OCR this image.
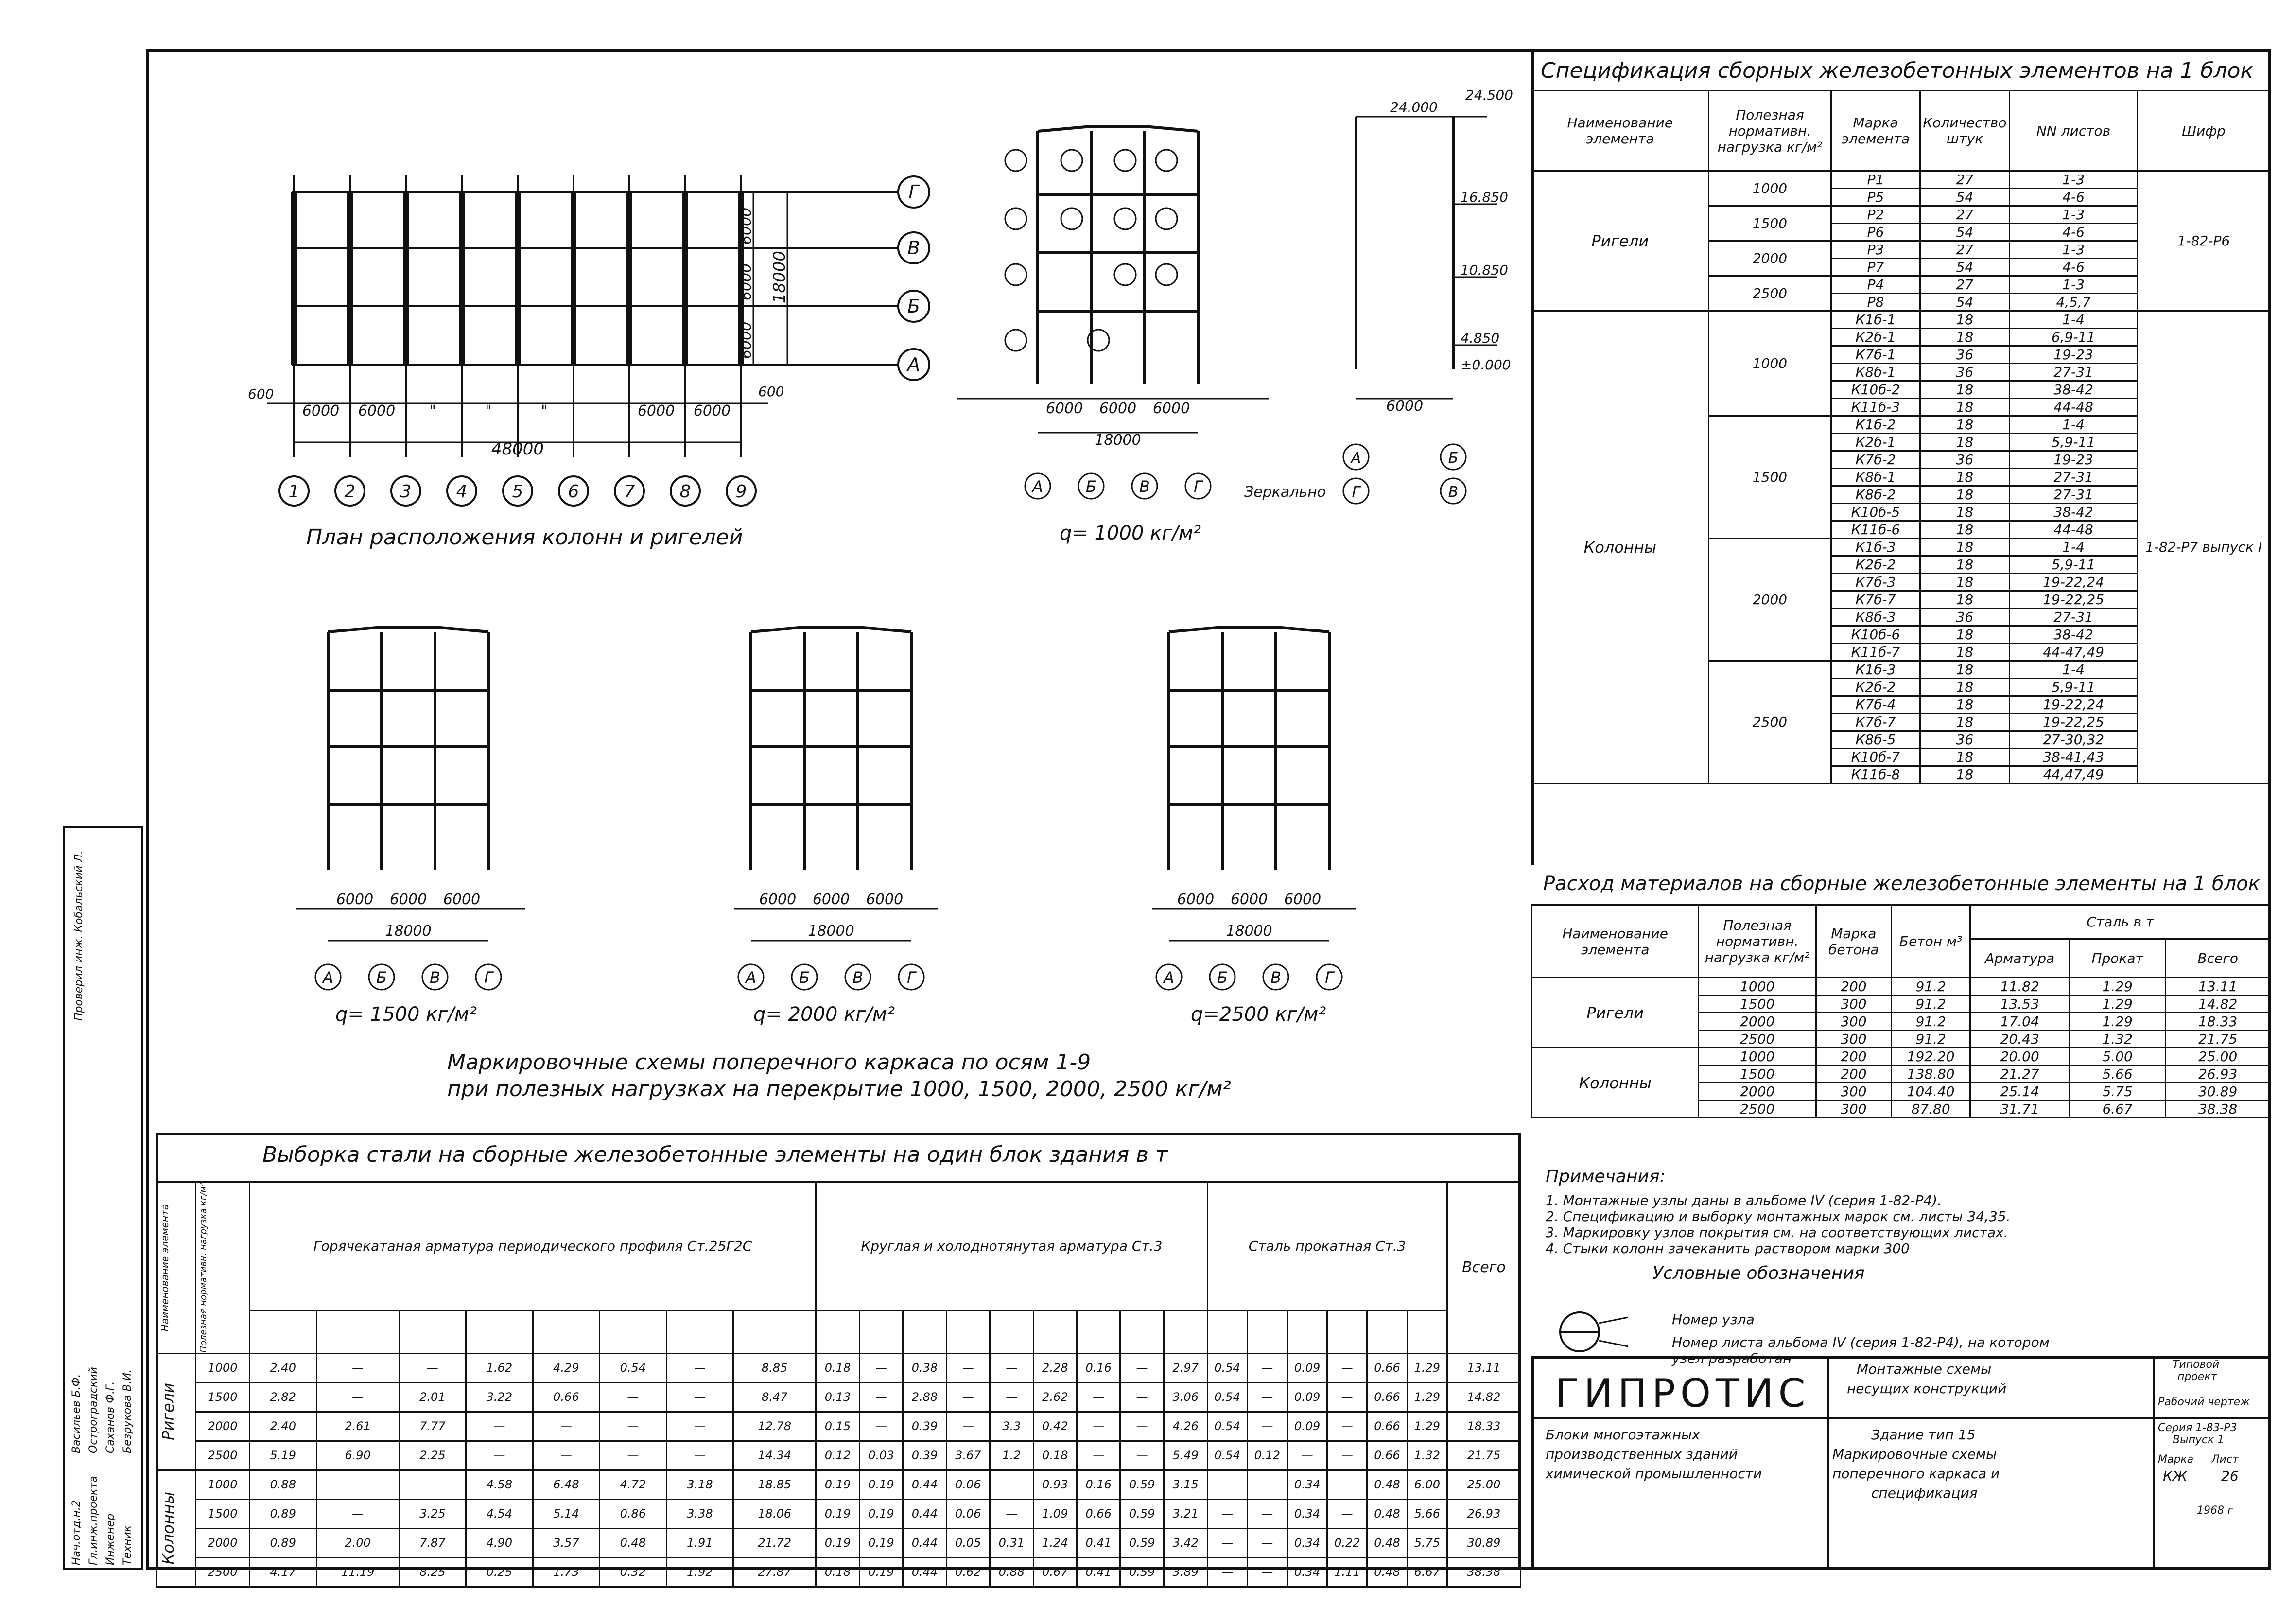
Г
В
Б
А
6000
6000
6000
18000
600
6000 6000 "	"	"	6000 6000
600
48000
1	2	3	4	5	6	7	8	9
План расположения колонн и ригелей
6000 6000 6000
18000
А	Б	В	Г
q= 1000 кг/м²
24.000
24.500
16.850
10.850
4.850
6000
±0.000
А	Б
Г	В
Зеркально
6000 6000 6000
18000
А	Б	В	Г
q= 1500 кг/м²
6000 6000 6000
18000
А	Б	В	Г
q= 2000 кг/м²
6000 6000 6000
18000
А	Б	В	Г
q=2500 кг/м²
Маркировочные схемы поперечного каркаса по осям 1-9
при полезных нагрузках на перекрытие 1000, 1500, 2000, 2500 кг/м²
Спецификация сборных железобетонных элементов на 1 блок
Наименование элемента	Полезная нормативн. нагрузка кг/м²	Марка элемента	Количество штук	NN листов	Шифр
Ригели	1000	Р1	27	1-3	1-82-Р6
		Р5	54	4-6	
	1500	Р2	27	1-3	
		Р6	54	4-6	
	2000	Р3	27	1-3	
		Р7	54	4-6	
	2500	Р4	27	1-3	
		Р8	54	4,5,7	
Колонны	1000	К1б-1	18	1-4	1-82-Р7 выпуск I
		К2б-1	18	6,9-11	
		К7б-1	36	19-23	
		К8б-1	36	27-31	
		К10б-2	18	38-42	
		К11б-3	18	44-48	
	1500	К1б-2	18	1-4	
		К2б-1	18	5,9-11	
		К7б-2	36	19-23	
		К8б-1	18	27-31	
		К8б-2	18	27-31	
		К10б-5	18	38-42	
		К11б-6	18	44-48	
	2000	К1б-3	18	1-4	
		К2б-2	18	5,9-11	
		К7б-3	18	19-22,24	
		К7б-7	18	19-22,25	
		К8б-3	36	27-31	
		К10б-6	18	38-42	
		К11б-7	18	44-47,49	
	2500	К1б-3	18	1-4	
		К2б-2	18	5,9-11	
		К7б-4	18	19-22,24	
		К7б-7	18	19-22,25	
		К8б-5	36	27-30,32	
		К10б-7	18	38-41,43	
		К11б-8	18	44,47,49	
Расход материалов на сборные железобетонные элементы на 1 блок
Наименование элемента	Полезная нормативн. нагрузка кг/м²	Марка бетона	Бетон м³	Сталь в т		
				Арматура	Прокат	Всего
Ригели	1000	200	91.2	11.82	1.29	13.11
	1500	300	91.2	13.53	1.29	14.82
	2000	300	91.2	17.04	1.29	18.33
	2500	300	91.2	20.43	1.32	21.75
Колонны	1000	200	192.20	20.00	5.00	25.00
	1500	200	138.80	21.27	5.66	26.93
	2000	300	104.40	25.14	5.75	30.89
	2500	300	87.80	31.71	6.67	38.38
Примечания:
1. Монтажные узлы даны в альбоме IV (серия 1-82-Р4).
2. Спецификацию и выборку монтажных марок см. листы 34,35.
3. Маркировку узлов покрытия см. на соответствующих листах.
4. Стыки колонн зачеканить раствором марки 300
Условные обозначения
Номер узла
Номер листа альбома IV (серия 1-82-Р4), на котором
узел разработан
Выборка стали на сборные железобетонные элементы на один блок здания в т
Наименование элемента	Полезная нормативн. нагрузка кг/м²	Горячекатаная арматура периодического профиля Ст.25Г2С								Круглая и холоднотянутая арматура Ст.3									Сталь прокатная Ст.3						Всего

Ригели	1000	2.40	—	—	1.62	4.29	0.54	—	8.85	0.18	—	0.38	—	—	2.28	0.16	—	2.97	0.54	—	0.09	—	0.66	1.29	13.11
	1500	2.82	—	2.01	3.22	0.66	—	—	8.47	0.13	—	2.88	—	—	2.62	—	—	3.06	0.54	—	0.09	—	0.66	1.29	14.82
	2000	2.40	2.61	7.77	—	—	—	—	12.78	0.15	—	0.39	—	3.3	0.42	—	—	4.26	0.54	—	0.09	—	0.66	1.29	18.33
	2500	5.19	6.90	2.25	—	—	—	—	14.34	0.12	0.03	0.39	3.67	1.2	0.18	—	—	5.49	0.54	0.12	—	—	0.66	1.32	21.75

Колонны	1000	0.88	—	—	4.58	6.48	4.72	3.18	18.85	0.19	0.19	0.44	0.06	—	0.93	0.16	0.59	3.15	—	—	0.34	—	0.48	6.00	25.00
	1500	0.89	—	3.25	4.54	5.14	0.86	3.38	18.06	0.19	0.19	0.44	0.06	—	1.09	0.66	0.59	3.21	—	—	0.34	—	0.48	5.66	26.93
	2000	0.89	2.00	7.87	4.90	3.57	0.48	1.91	21.72	0.19	0.19	0.44	0.05	0.31	1.24	0.41	0.59	3.42	—	—	0.34	0.22	0.48	5.75	30.89
	2500	4.17	11.19	8.25	0.25	1.73	0.32	1.92	27.87	0.18	0.19	0.44	0.62	0.88	0.67	0.41	0.59	3.89	—	—	0.34	1.11	0.48	6.67	38.38
ГИПРОТИС
Монтажные схемы
несущих конструкций
Типовой
проект
Рабочий чертеж
Серия 1-83-Р3
Выпуск 1
Марка Лист
КЖ 26
Блоки многоэтажных
производственных зданий
химической промышленности
Здание тип 15
Маркировочные схемы
поперечного каркаса и
спецификация
1968 г
Проверил инж. Кобальский Л.
Нач.отд.н.2
Васильев Б.Ф.
Гл.инж.проекта
Остроградский
Инженер
Саханов Ф.Г.
Техник
Безрукова В.И.
